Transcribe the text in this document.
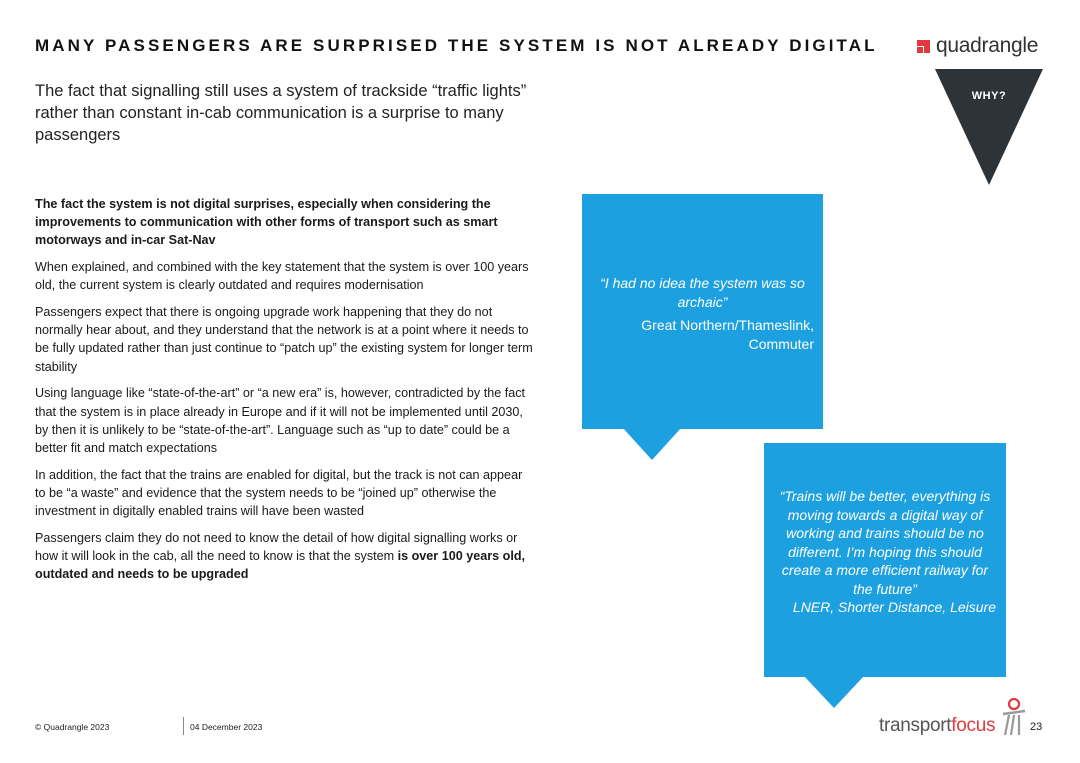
MANY PASSENGERS ARE SURPRISED THE SYSTEM IS NOT ALREADY DIGITAL	quadrangle
The fact that signalling still uses a system of trackside “traffic lights” rather than constant in-cab communication is a surprise to many passengers
WHY?

The fact the system is not digital surprises, especially when considering the improvements to communication with other forms of transport such as smart motorways and in-car Sat-Nav

When explained, and combined with the key statement that the system is over 100 years old, the current system is clearly outdated and requires modernisation

Passengers expect that there is ongoing upgrade work happening that they do not normally hear about, and they understand that the network is at a point where it needs to be fully updated rather than just continue to “patch up” the existing system for longer term stability

Using language like “state-of-the-art” or “a new era” is, however, contradicted by the fact that the system is in place already in Europe and if it will not be implemented until 2030, by then it is unlikely to be “state-of-the-art”. Language such as “up to date” could be a better fit and match expectations

In addition, the fact that the trains are enabled for digital, but the track is not can appear to be “a waste” and evidence that the system needs to be “joined up” otherwise the investment in digitally enabled trains will have been wasted

Passengers claim they do not need to know the detail of how digital signalling works or how it will look in the cab, all the need to know is that the system is over 100 years old, outdated and needs to be upgraded

“I had no idea the system was so archaic”
Great Northern/Thameslink, Commuter
“Trains will be better, everything is moving towards a digital way of working and trains should be no different. I’m hoping this should create a more efficient railway for the future”
LNER, Shorter Distance, Leisure
© Quadrangle 2023	04 December 2023	transportfocus	23
